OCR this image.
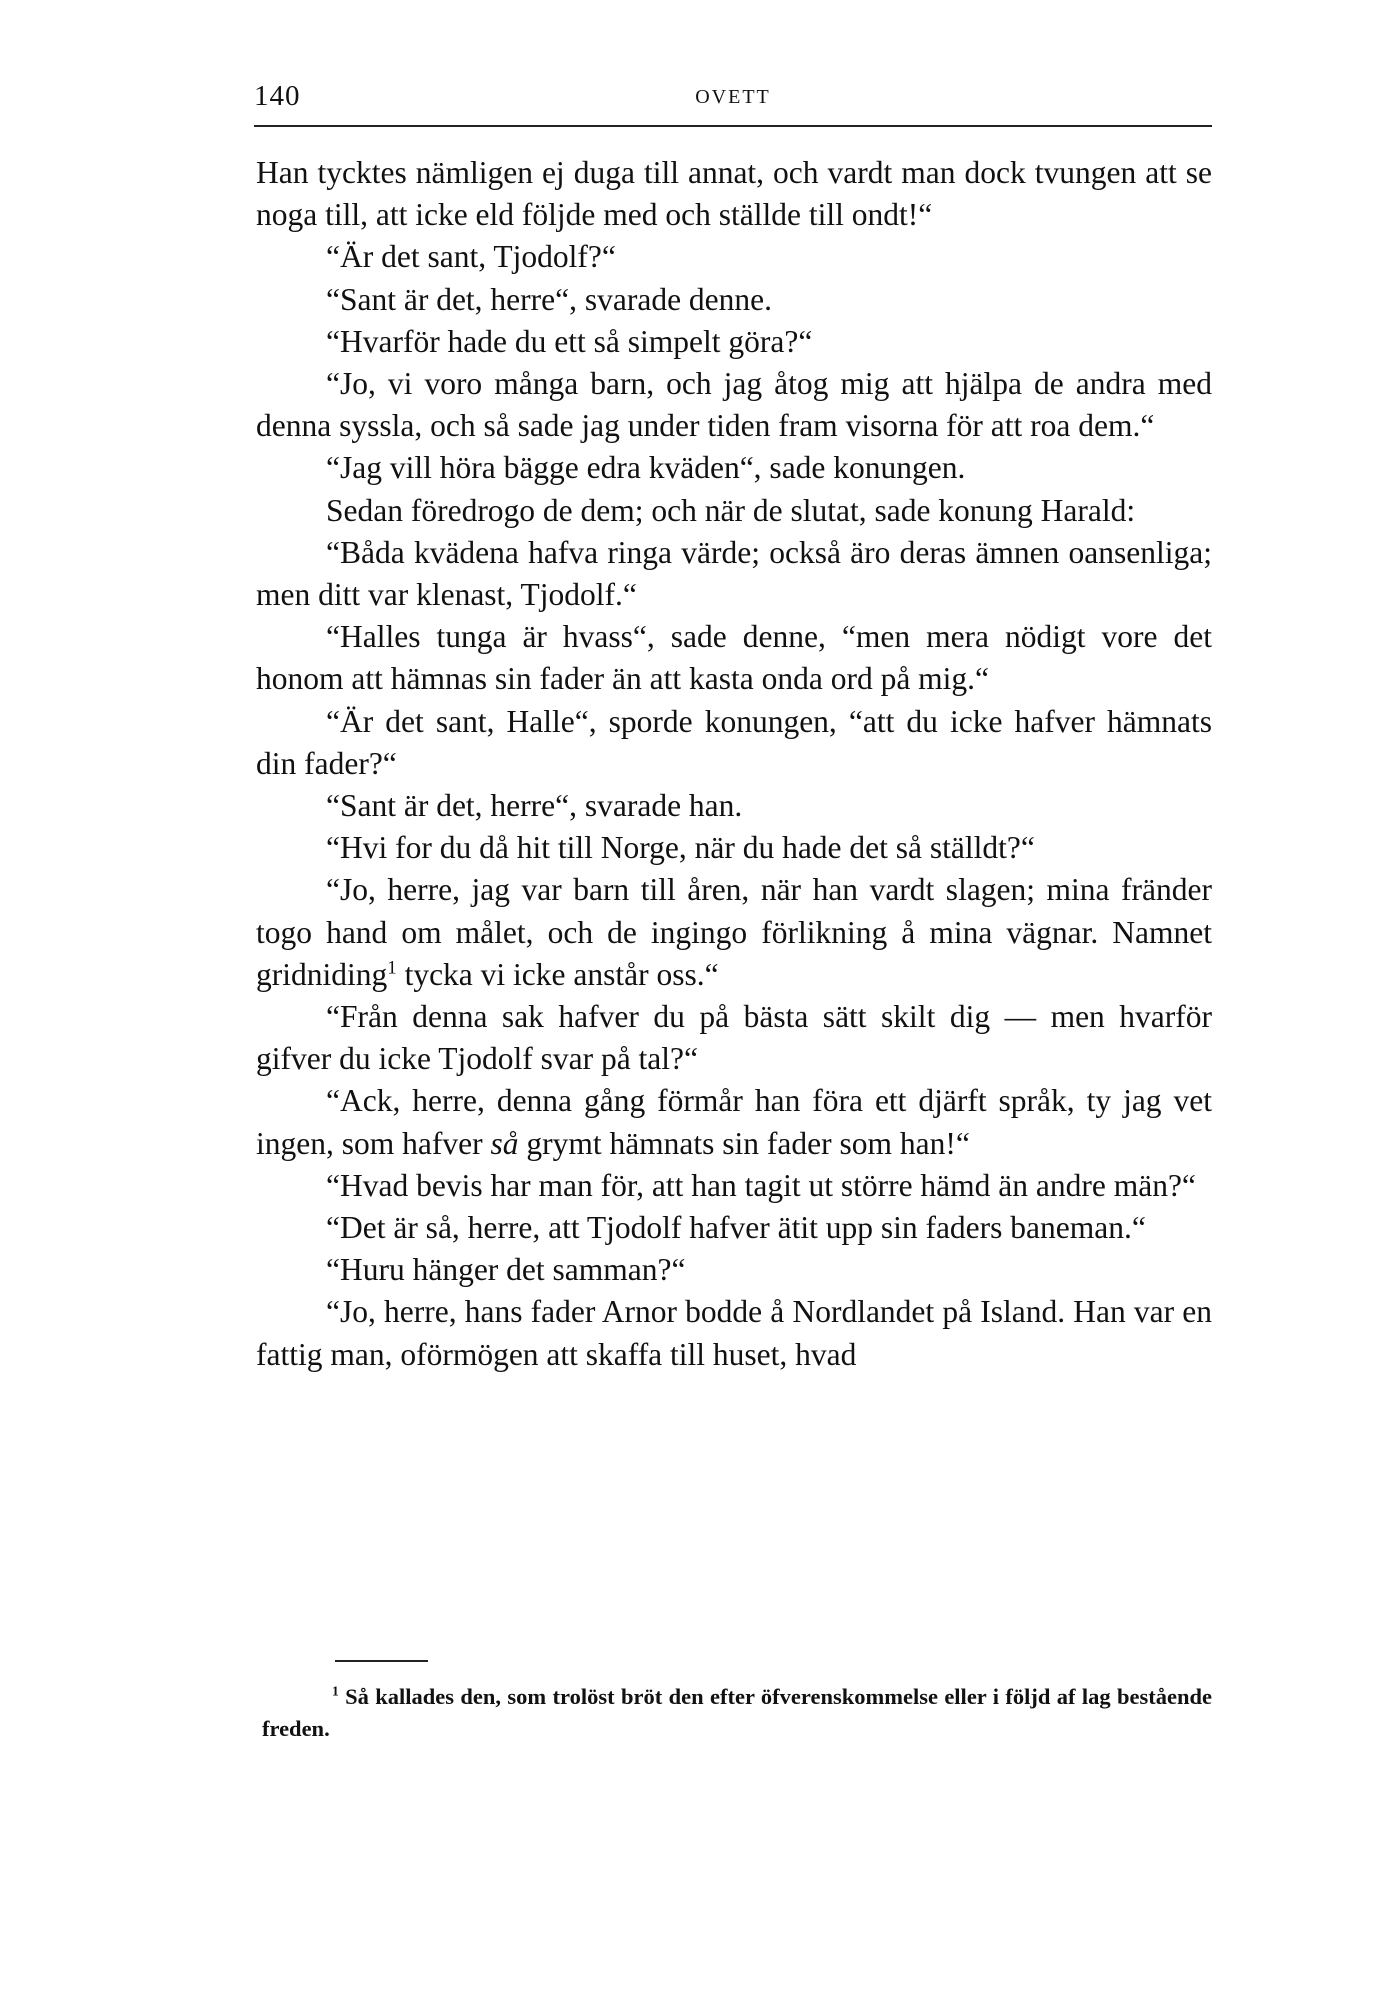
140	OVETT

Han tycktes nämligen ej duga till annat, och vardt man dock tvungen att se noga till, att icke eld följde med och ställde till ondt!“

“Är det sant, Tjodolf?“

“Sant är det, herre“, svarade denne.

“Hvarför hade du ett så simpelt göra?“

“Jo, vi voro många barn, och jag åtog mig att hjälpa de andra med denna syssla, och så sade jag under tiden fram visorna för att roa dem.“

“Jag vill höra bägge edra kväden“, sade konungen.

Sedan föredrogo de dem; och när de slutat, sade konung Harald:

“Båda kvädena hafva ringa värde; också äro deras ämnen oansenliga; men ditt var klenast, Tjodolf.“

“Halles tunga är hvass“, sade denne, “men mera nödigt vore det honom att hämnas sin fader än att kasta onda ord på mig.“

“Är det sant, Halle“, sporde konungen, “att du icke hafver hämnats din fader?“

“Sant är det, herre“, svarade han.

“Hvi for du då hit till Norge, när du hade det så ställdt?“

“Jo, herre, jag var barn till åren, när han vardt slagen; mina fränder togo hand om målet, och de ingingo förlikning å mina vägnar. Namnet gridniding$^1$ tycka vi icke anstår oss.“

“Från denna sak hafver du på bästa sätt skilt dig — men hvarför gifver du icke Tjodolf svar på tal?“

“Ack, herre, denna gång förmår han föra ett djärft språk, ty jag vet ingen, som hafver så grymt hämnats sin fader som han!“

“Hvad bevis har man för, att han tagit ut större hämd än andre män?“

“Det är så, herre, att Tjodolf hafver ätit upp sin faders baneman.“

“Huru hänger det samman?“

“Jo, herre, hans fader Arnor bodde å Nordlandet på Island. Han var en fattig man, oförmögen att skaffa till huset, hvad

$^1$ Så kallades den, som trolöst bröt den efter öfverenskommelse eller i följd af lag bestående freden.
